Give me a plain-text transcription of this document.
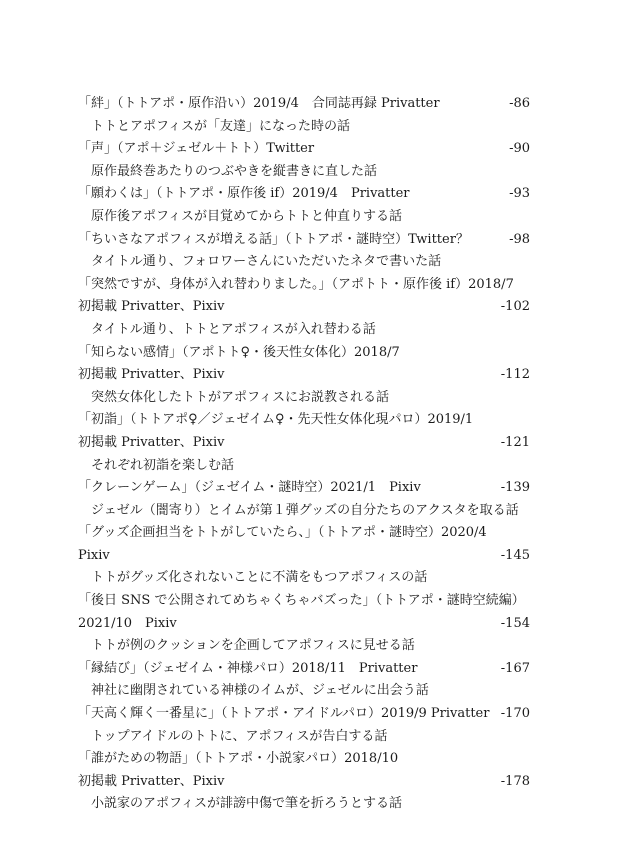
「絆」（トトアポ・原作沿い）2019/4　合同誌再録 Privatter	-86
トトとアポフィスが「友達」になった時の話
「声」（アポ＋ジェゼル＋トト）Twitter	-90
原作最終巻あたりのつぶやきを縦書きに直した話
「願わくは」（トトアポ・原作後 if）2019/4　Privatter	-93
原作後アポフィスが目覚めてからトトと仲直りする話
「ちいさなアポフィスが増える話」（トトアポ・謎時空）Twitter？	-98
タイトル通り、フォロワーさんにいただいたネタで書いた話
「突然ですが、身体が入れ替わりました。」（アポトト・原作後 if）2018/7
初掲載 Privatter、Pixiv	-102
タイトル通り、トトとアポフィスが入れ替わる話
「知らない感情」（アポトト♀・後天性女体化）2018/7
初掲載 Privatter、Pixiv	-112
突然女体化したトトがアポフィスにお説教される話
「初詣」（トトアポ♀／ジェゼイム♀・先天性女体化現パロ）2019/1
初掲載 Privatter、Pixiv	-121
それぞれ初詣を楽しむ話
「クレーンゲーム」（ジェゼイム・謎時空）2021/1　Pixiv	-139
ジェゼル（闇寄り）とイムが第１弾グッズの自分たちのアクスタを取る話
「グッズ企画担当をトトがしていたら、」（トトアポ・謎時空）2020/4
Pixiv	-145
トトがグッズ化されないことに不満をもつアポフィスの話
「後日 SNS で公開されてめちゃくちゃバズった」（トトアポ・謎時空続編）
2021/10　Pixiv	-154
トトが例のクッションを企画してアポフィスに見せる話
「縁結び」（ジェゼイム・神様パロ）2018/11　Privatter	-167
神社に幽閉されている神様のイムが、ジェゼルに出会う話
「天高く輝く一番星に」（トトアポ・アイドルパロ）2019/9 Privatter -170
トップアイドルのトトに、アポフィスが告白する話
「誰がための物語」（トトアポ・小説家パロ）2018/10
初掲載 Privatter、Pixiv	-178
小説家のアポフィスが誹謗中傷で筆を折ろうとする話
